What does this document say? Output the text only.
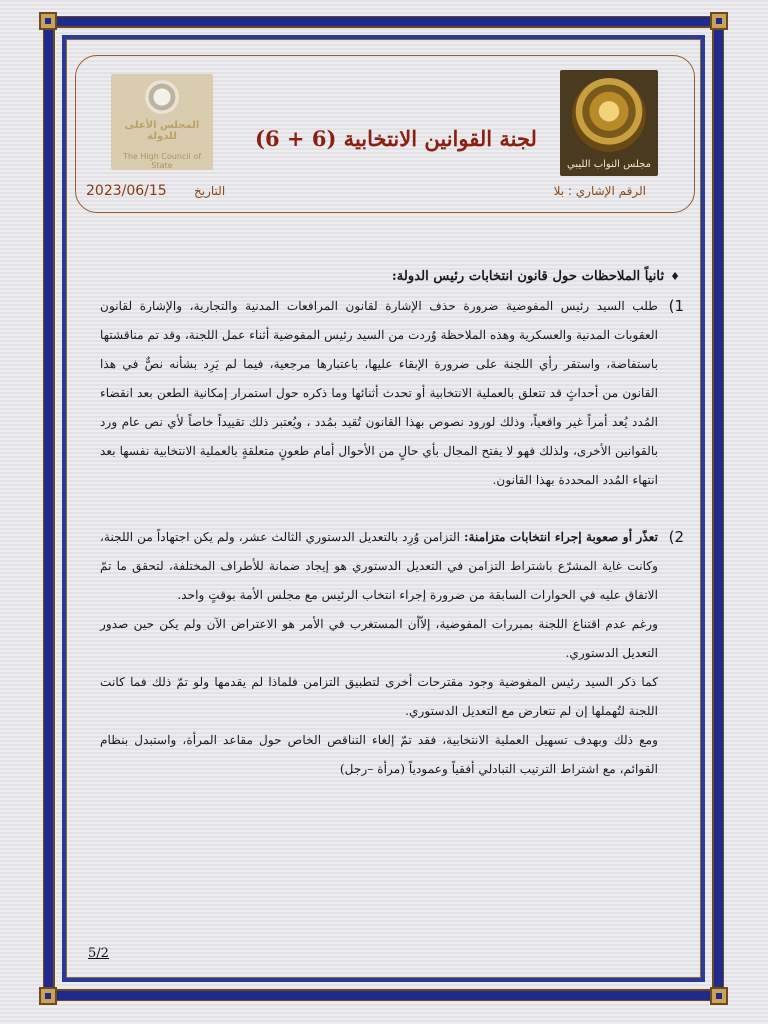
مجلس النواب الليبي
لجنة القوانين الانتخابية (6 + 6)
المجلس الأعلى للدولة
The High Council of State
الرقم الإشاري : بلا
التاريخ
2023/06/15
♦ثانياً الملاحظات حول قانون انتخابات رئيس الدولة:
1)
طلب السيد رئيس المفوضية ضرورة حذف الإشارة لقانون المرافعات المدنية والتجارية، والإشارة لقانون العقوبات المدنية والعسكرية وهذه الملاحظة وُردت من السيد رئيس المفوضية أثناء عمل اللجنة، وقد تم مناقشتها باستفاضة، واستقر رأي اللجنة على ضرورة الإبقاء عليها، باعتبارها مرجعية، فيما لم يَرِد بشأنه نصٌّ في هذا القانون من أحداثٍ قد تتعلق بالعملية الانتخابية أو تحدث أثنائها وما ذكره حول استمرار إمكانية الطعن بعد انقضاء المُدد يُعد أمراً غير واقعياً، وذلك لورود نصوص بهذا القانون تُقيد بمُدد ، ويُعتبر ذلك تقييداً خاصاً لأي نص عام ورد بالقوانين الأخرى، ولذلك فهو لا يفتح المجال بأي حالٍ من الأحوال أمام طعونٍ متعلقةٍ بالعملية الانتخابية نفسها بعد انتهاء المُدد المحددة بهذا القانون.
2)
تعذّر أو صعوبة إجراء انتخابات متزامنة: التزامن وُرِد بالتعديل الدستوري الثالث عشر، ولم يكن اجتهاداً من اللجنة، وكانت غاية المشرّع باشتراط التزامن في التعديل الدستوري هو إيجاد ضمانة للأطراف المختلفة، لتحقق ما تمّ الاتفاق عليه في الحوارات السابقة من ضرورة إجراء انتخاب الرئيس مع مجلس الأمة بوقتٍ واحد.
ورغم عدم اقتناع اللجنة بمبررات المفوضية، إلاّأن المستغرب في الأمر هو الاعتراض الآن ولم يكن حين صدور التعديل الدستوري.
كما ذكر السيد رئيس المفوضية وجود مقترحات أخرى لتطبيق التزامن فلماذا لم يقدمها ولو تمّ ذلك فما كانت اللجنة لتُهملها إن لم تتعارض مع التعديل الدستوري.
ومع ذلك وبهدف تسهيل العملية الانتخابية، فقد تمّ إلغاء التناقص الخاص حول مقاعد المرأة، واستبدل بنظام القوائم، مع اشتراط الترتيب التبادلي أفقياً وعمودياً (مرأة –رجل)
5/2
